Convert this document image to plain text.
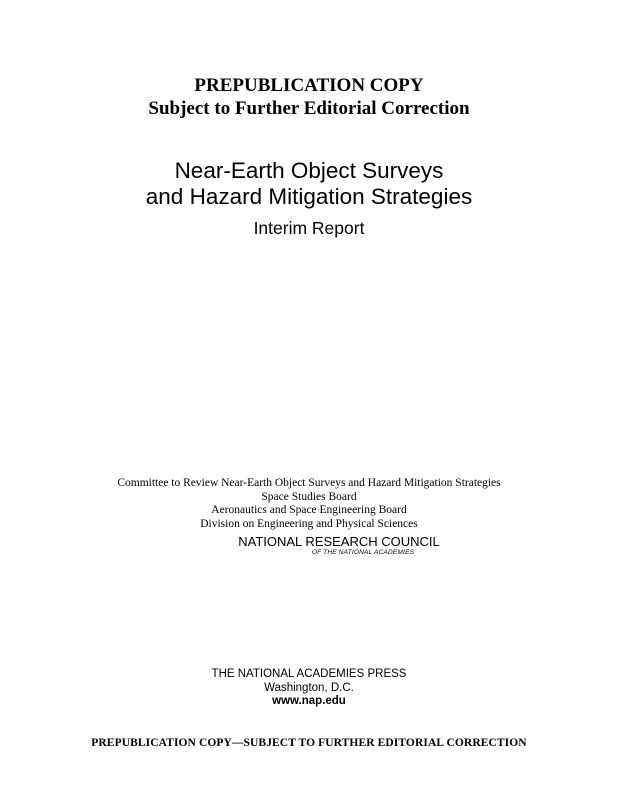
PREPUBLICATION COPY
Subject to Further Editorial Correction
Near-Earth Object Surveys
and Hazard Mitigation Strategies
Interim Report
Committee to Review Near-Earth Object Surveys and Hazard Mitigation Strategies
Space Studies Board
Aeronautics and Space Engineering Board
Division on Engineering and Physical Sciences
NATIONAL RESEARCH COUNCIL
OF THE NATIONAL ACADEMIES
THE NATIONAL ACADEMIES PRESS
Washington, D.C.
www.nap.edu
PREPUBLICATION COPY—SUBJECT TO FURTHER EDITORIAL CORRECTION
